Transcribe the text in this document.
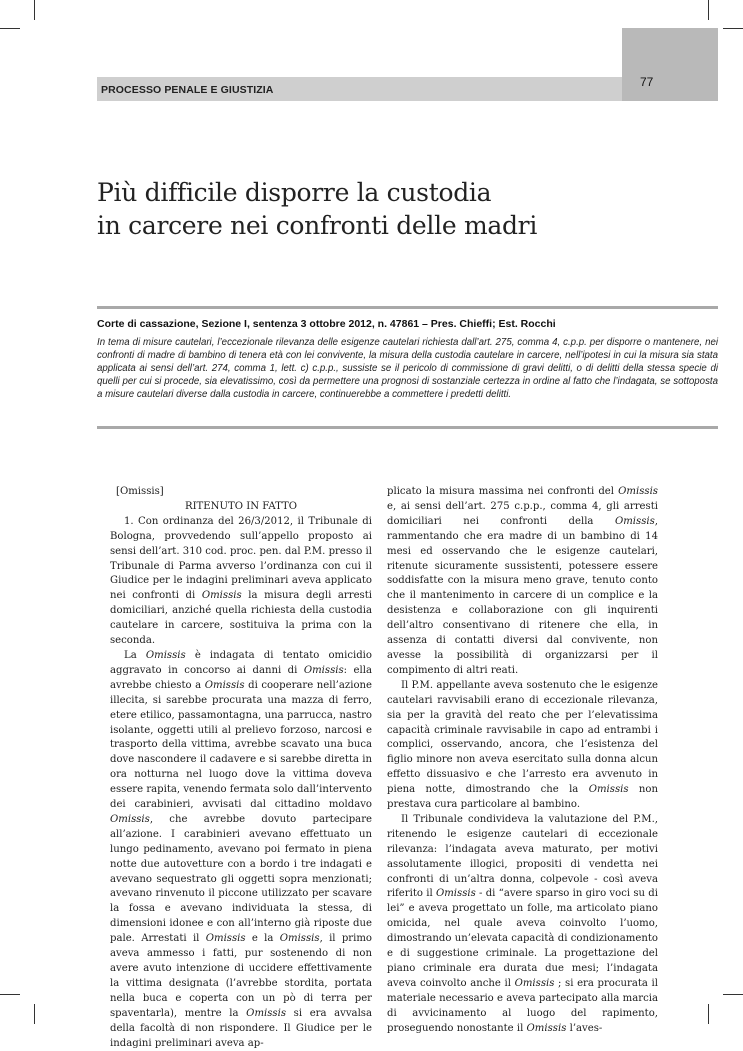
PROCESSO PENALE E GIUSTIZIA
77
Più difficile disporre la custodia
in carcere nei confronti delle madri
Corte di cassazione, Sezione I, sentenza 3 ottobre 2012, n. 47861 – Pres. Chieffi; Est. Rocchi
In tema di misure cautelari, l’eccezionale rilevanza delle esigenze cautelari richiesta dall’art. 275, comma 4, c.p.p. per disporre o mantenere, nei confronti di madre di bambino di tenera età con lei convivente, la misura della custodia cautelare in carcere, nell’ipotesi in cui la misura sia stata applicata ai sensi dell’art. 274, comma 1, lett. c) c.p.p., sussiste se il pericolo di commissione di gravi delitti, o di delitti della stessa specie di quelli per cui si procede, sia elevatissimo, così da permettere una prognosi di sostanziale certezza in ordine al fatto che l’indagata, se sottoposta a misure cautelari diverse dalla custodia in carcere, continuerebbe a commettere i predetti delitti.

[Omissis]

RITENUTO IN FATTO

1. Con ordinanza del 26/3/2012, il Tribunale di Bologna, provvedendo sull’appello proposto ai sensi dell’art. 310 cod. proc. pen. dal P.M. presso il Tribunale di Parma avverso l’ordinanza con cui il Giudice per le indagini preliminari aveva applicato nei confronti di Omissis la misura degli arresti domiciliari, anziché quella richiesta della custodia cautelare in carcere, sostituiva la prima con la seconda.

La Omissis è indagata di tentato omicidio aggravato in concorso ai danni di Omissis: ella avrebbe chiesto a Omissis di cooperare nell’azione illecita, si sarebbe procurata una mazza di ferro, etere etilico, passamontagna, una parrucca, nastro isolante, oggetti utili al prelievo forzoso, narcosi e trasporto della vittima, avrebbe scavato una buca dove nascondere il cadavere e si sarebbe diretta in ora notturna nel luogo dove la vittima doveva essere rapita, venendo fermata solo dall’intervento dei carabinieri, avvisati dal cittadino moldavo Omissis, che avrebbe dovuto partecipare all’azione. I carabinieri avevano effettuato un lungo pedinamento, avevano poi fermato in piena notte due autovetture con a bordo i tre indagati e avevano sequestrato gli oggetti sopra menzionati; avevano rinvenuto il piccone utilizzato per scavare la fossa e avevano individuata la stessa, di dimensioni idonee e con all’interno già riposte due pale. Arrestati il Omissis e la Omissis, il primo aveva ammesso i fatti, pur sostenendo di non avere avuto intenzione di uccidere effettivamente la vittima designata (l’avrebbe stordita, portata nella buca e coperta con un pò di terra per spaventarla), mentre la Omissis si era avvalsa della facoltà di non rispondere. Il Giudice per le indagini preliminari aveva ap-

plicato la misura massima nei confronti del Omissis e, ai sensi dell’art. 275 c.p.p., comma 4, gli arresti domiciliari nei confronti della Omissis, rammentando che era madre di un bambino di 14 mesi ed osservando che le esigenze cautelari, ritenute sicuramente sussistenti, potessere essere soddisfatte con la misura meno grave, tenuto conto che il mantenimento in carcere di un complice e la desistenza e collaborazione con gli inquirenti dell’altro consentivano di ritenere che ella, in assenza di contatti diversi dal convivente, non avesse la possibilità di organizzarsi per il compimento di altri reati.

Il P.M. appellante aveva sostenuto che le esigenze cautelari ravvisabili erano di eccezionale rilevanza, sia per la gravità del reato che per l’elevatissima capacità criminale ravvisabile in capo ad entrambi i complici, osservando, ancora, che l’esistenza del figlio minore non aveva esercitato sulla donna alcun effetto dissuasivo e che l’arresto era avvenuto in piena notte, dimostrando che la Omissis non prestava cura particolare al bambino.

Il Tribunale condivideva la valutazione del P.M., ritenendo le esigenze cautelari di eccezionale rilevanza: l’indagata aveva maturato, per motivi assolutamente illogici, propositi di vendetta nei confronti di un’altra donna, colpevole - così aveva riferito il Omissis - di “avere sparso in giro voci su di lei” e aveva progettato un folle, ma articolato piano omicida, nel quale aveva coinvolto l’uomo, dimostrando un’elevata capacità di condizionamento e di suggestione criminale. La progettazione del piano criminale era durata due mesi; l’indagata aveva coinvolto anche il Omissis ; si era procurata il materiale necessario e aveva partecipato alla marcia di avvicinamento al luogo del rapimento, proseguendo nonostante il Omissis l’aves-
